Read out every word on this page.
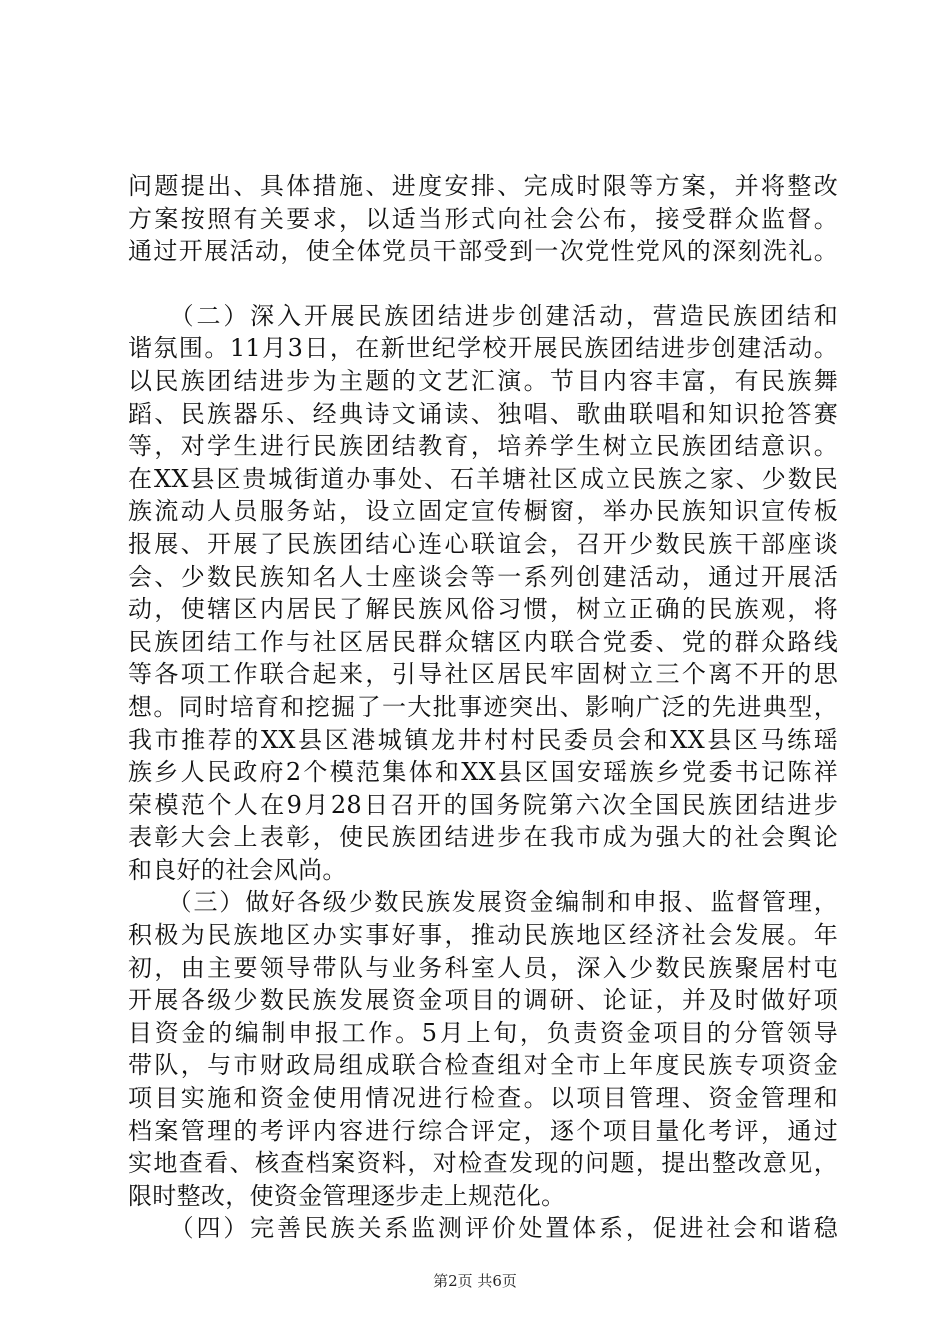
问题提出、具体措施、进度安排、完成时限等方案，并将整改
方案按照有关要求，以适当形式向社会公布，接受群众监督。
通过开展活动，使全体党员干部受到一次党性党风的深刻洗礼。
　　（二）深入开展民族团结进步创建活动，营造民族团结和
谐氛围。11月3日，在新世纪学校开展民族团结进步创建活动。
以民族团结进步为主题的文艺汇演。节目内容丰富，有民族舞
蹈、民族器乐、经典诗文诵读、独唱、歌曲联唱和知识抢答赛
等，对学生进行民族团结教育，培养学生树立民族团结意识。
在XX县区贵城街道办事处、石羊塘社区成立民族之家、少数民
族流动人员服务站，设立固定宣传橱窗，举办民族知识宣传板
报展、开展了民族团结心连心联谊会，召开少数民族干部座谈
会、少数民族知名人士座谈会等一系列创建活动，通过开展活
动，使辖区内居民了解民族风俗习惯，树立正确的民族观，将
民族团结工作与社区居民群众辖区内联合党委、党的群众路线
等各项工作联合起来，引导社区居民牢固树立三个离不开的思
想。同时培育和挖掘了一大批事迹突出、影响广泛的先进典型，
我市推荐的XX县区港城镇龙井村村民委员会和XX县区马练瑶
族乡人民政府2个模范集体和XX县区国安瑶族乡党委书记陈祥
荣模范个人在9月28日召开的国务院第六次全国民族团结进步
表彰大会上表彰，使民族团结进步在我市成为强大的社会舆论
和良好的社会风尚。
　　（三）做好各级少数民族发展资金编制和申报、监督管理，
积极为民族地区办实事好事，推动民族地区经济社会发展。年
初，由主要领导带队与业务科室人员，深入少数民族聚居村屯
开展各级少数民族发展资金项目的调研、论证，并及时做好项
目资金的编制申报工作。5月上旬，负责资金项目的分管领导
带队，与市财政局组成联合检查组对全市上年度民族专项资金
项目实施和资金使用情况进行检查。以项目管理、资金管理和
档案管理的考评内容进行综合评定，逐个项目量化考评，通过
实地查看、核查档案资料，对检查发现的问题，提出整改意见，
限时整改，使资金管理逐步走上规范化。
　　（四）完善民族关系监测评价处置体系，促进社会和谐稳
第2页 共6页
